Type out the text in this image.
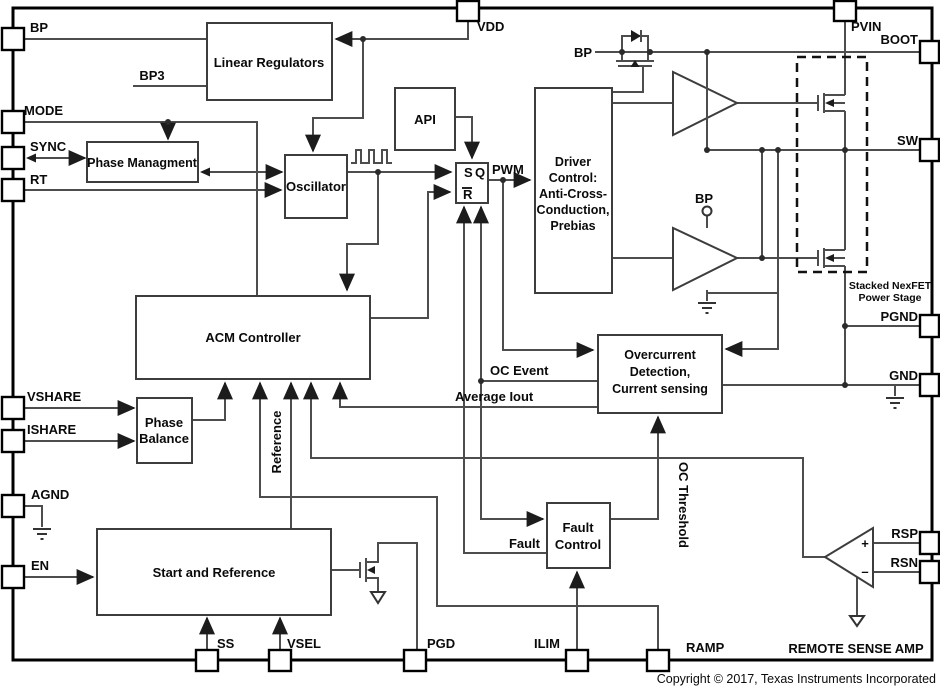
BP
MODE
SYNC
RT
VSHARE
ISHARE
AGND
EN
VDD	PVIN
BOOT
SW
PGND
GND
RSP
RSN
SS	VSEL	PGD	ILIM	RAMP
Linear Regulators
Phase Managment
Oscillator
API
Driver
Control:
Anti-Cross-
Conduction,
Prebias
ACM Controller
Phase
Balance
Overcurrent
Detection,
Current sensing
Fault
Control
Start and Reference
S Q
R
PWM
OC Event
Average Iout
Fault
Reference
OC Threshold
BP
BP
BP3
Stacked NexFET
Power Stage
REMOTE SENSE AMP
+
–
Copyright © 2017, Texas Instruments Incorporated
